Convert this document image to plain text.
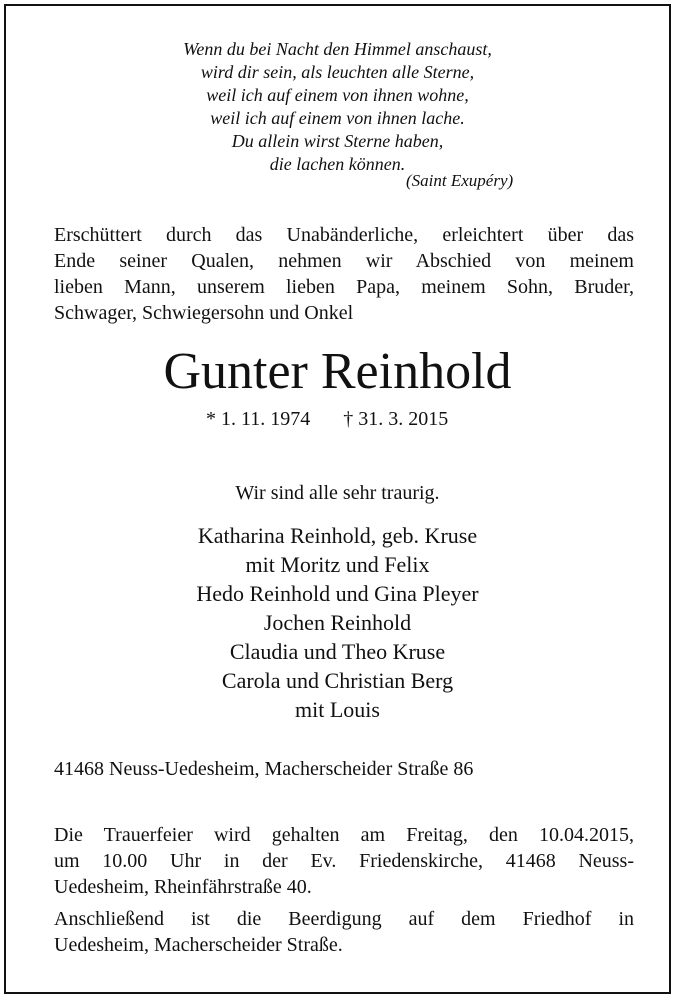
Wenn du bei Nacht den Himmel anschaust,
wird dir sein, als leuchten alle Sterne,
weil ich auf einem von ihnen wohne,
weil ich auf einem von ihnen lache.
Du allein wirst Sterne haben,
die lachen können.
(Saint Exupéry)
Erschüttert durch das Unabänderliche, erleichtert über das
Ende seiner Qualen, nehmen wir Abschied von meinem
lieben Mann, unserem lieben Papa, meinem Sohn, Bruder,
Schwager, Schwiegersohn und Onkel
Gunter Reinhold
* 1. 11. 1974 † 31. 3. 2015
Wir sind alle sehr traurig.
Katharina Reinhold, geb. Kruse
mit Moritz und Felix
Hedo Reinhold und Gina Pleyer
Jochen Reinhold
Claudia und Theo Kruse
Carola und Christian Berg
mit Louis
41468 Neuss-Uedesheim, Macherscheider Straße 86
Die Trauerfeier wird gehalten am Freitag, den 10.04.2015,
um 10.00 Uhr in der Ev. Friedenskirche, 41468 Neuss-
Uedesheim, Rheinfährstraße 40.
Anschließend ist die Beerdigung auf dem Friedhof in
Uedesheim, Macherscheider Straße.
